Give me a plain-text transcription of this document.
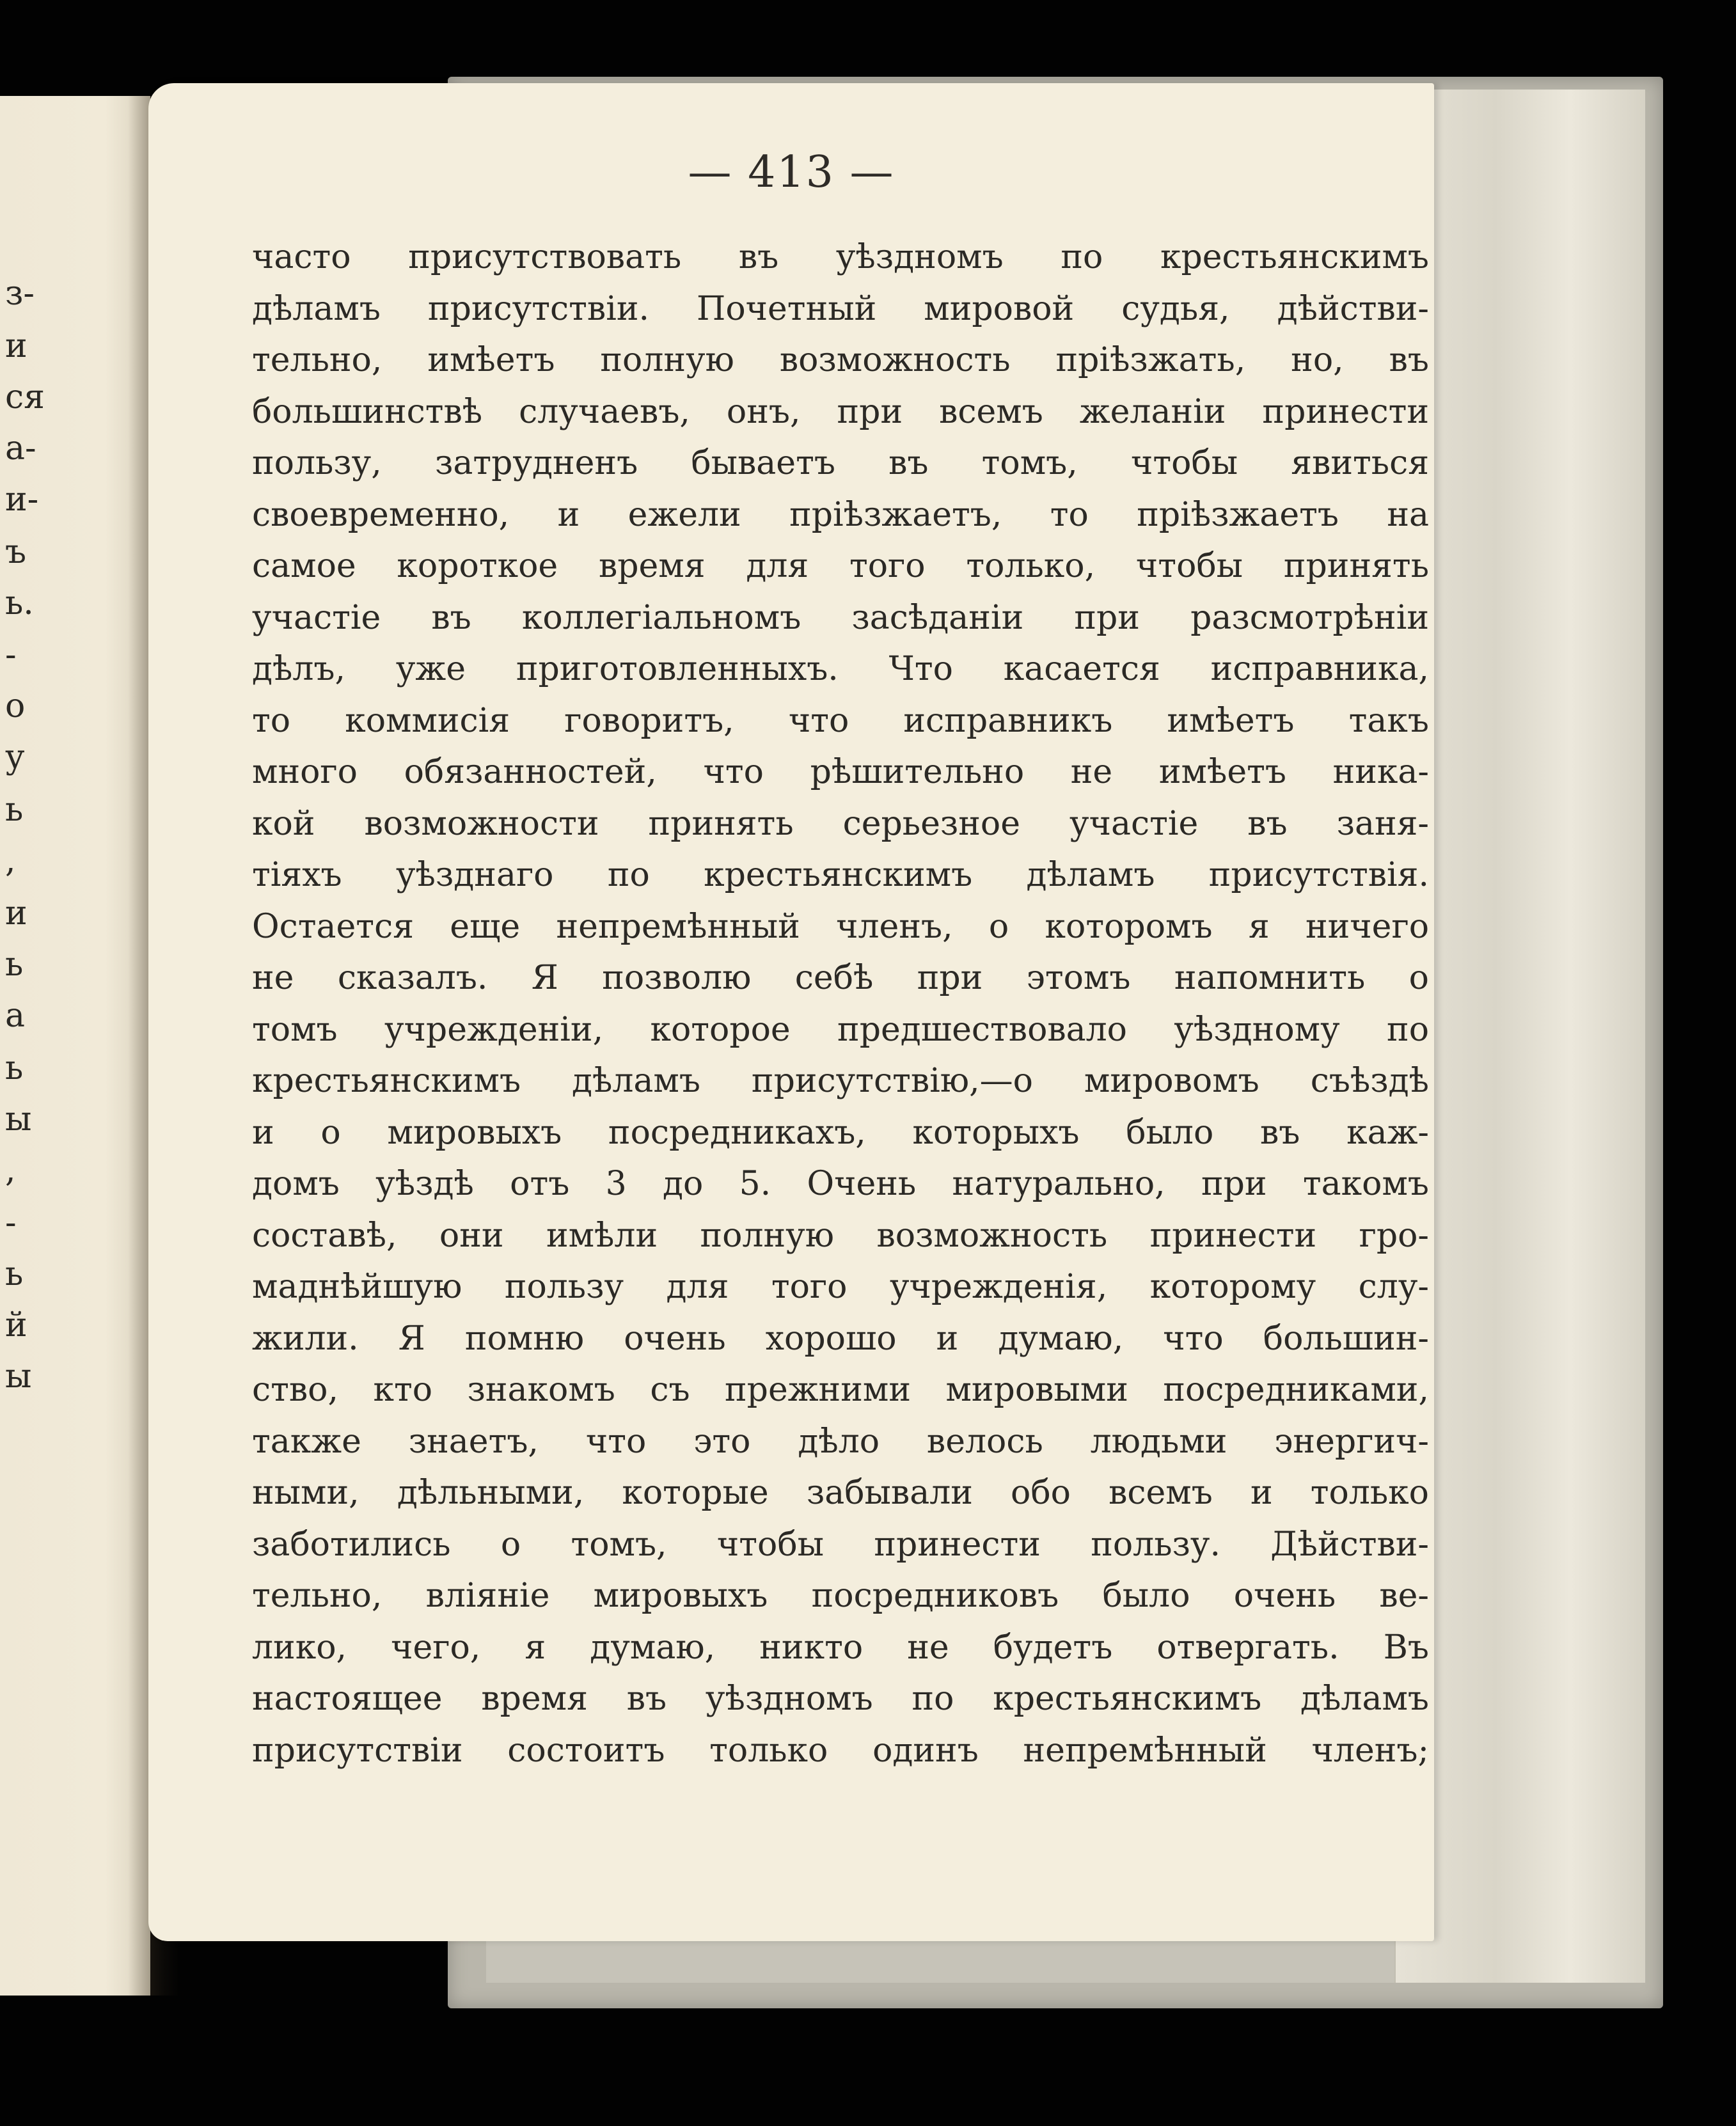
з-
и
ся
а-
и-
ъ
ь.
-
о
у
ь
,
и
ь
а
ь
ы
,
-
ь
й
ы
— 413 —
часто присутствовать въ уѣздномъ по крестьянскимъ
дѣламъ присутствіи. Почетный мировой судья, дѣйстви-
тельно, имѣетъ полную возможность пріѣзжать, но, въ
большинствѣ случаевъ, онъ, при всемъ желаніи принести
пользу, затрудненъ бываетъ въ томъ, чтобы явиться
своевременно, и ежели пріѣзжаетъ, то пріѣзжаетъ на
самое короткое время для того только, чтобы принять
участіе въ коллегіальномъ засѣданіи при разсмотрѣніи
дѣлъ, уже приготовленныхъ. Что касается исправника,
то коммисія говоритъ, что исправникъ имѣетъ такъ
много обязанностей, что рѣшительно не имѣетъ ника-
кой возможности принять серьезное участіе въ заня-
тіяхъ уѣзднаго по крестьянскимъ дѣламъ присутствія.
Остается еще непремѣнный членъ, о которомъ я ничего
не сказалъ. Я позволю себѣ при этомъ напомнить о
томъ учрежденіи, которое предшествовало уѣздному по
крестьянскимъ дѣламъ присутствію,—о мировомъ съѣздѣ
и о мировыхъ посредникахъ, которыхъ было въ каж-
домъ уѣздѣ отъ 3 до 5. Очень натурально, при такомъ
составѣ, они имѣли полную возможность принести гро-
маднѣйшую пользу для того учрежденія, которому слу-
жили. Я помню очень хорошо и думаю, что большин-
ство, кто знакомъ съ прежними мировыми посредниками,
также знаетъ, что это дѣло велось людьми энергич-
ными, дѣльными, которые забывали обо всемъ и только
заботились о томъ, чтобы принести пользу. Дѣйстви-
тельно, вліяніе мировыхъ посредниковъ было очень ве-
лико, чего, я думаю, никто не будетъ отвергать. Въ
настоящее время въ уѣздномъ по крестьянскимъ дѣламъ
присутствіи состоитъ только одинъ непремѣнный членъ;
